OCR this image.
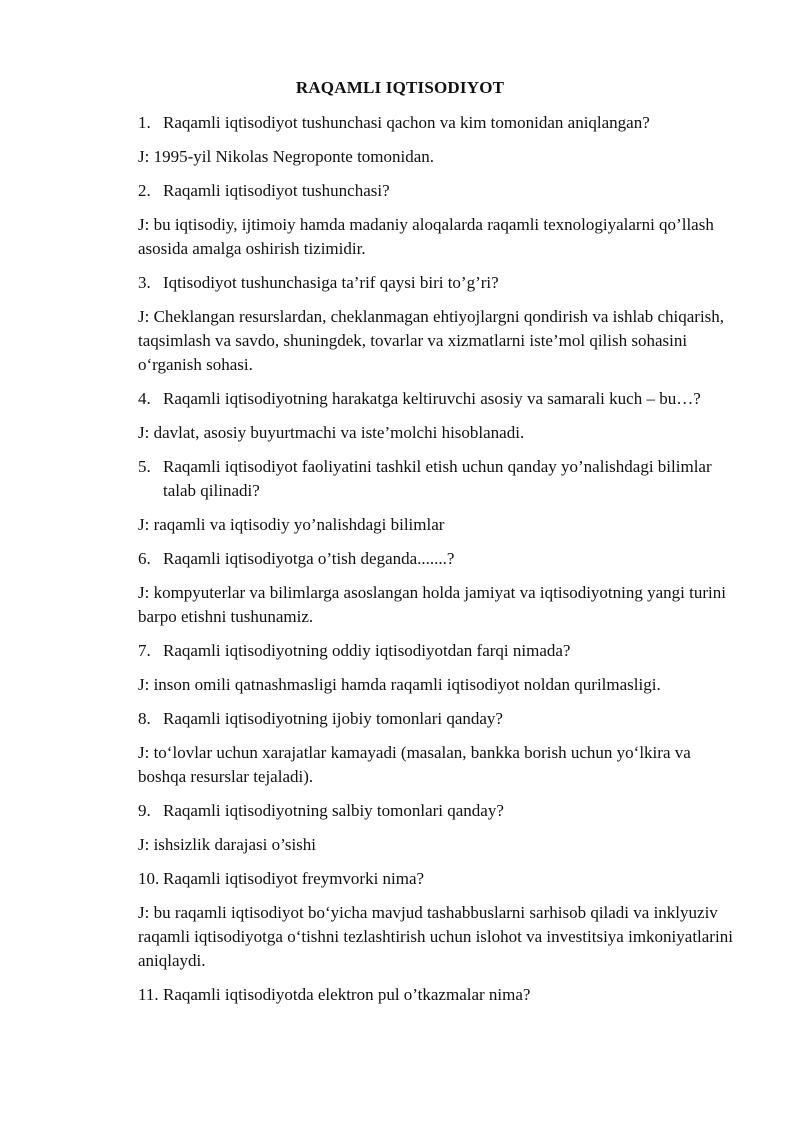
RAQAMLI IQTISODIYOT
1. Raqamli iqtisodiyot tushunchasi qachon va kim tomonidan aniqlangan?
J: 1995-yil Nikolas Negroponte tomonidan.
2. Raqamli iqtisodiyot tushunchasi?
J: bu iqtisodiy, ijtimoiy hamda madaniy aloqalarda raqamli texnologiyalarni qo’llash asosida amalga oshirish tizimidir.
3. Iqtisodiyot tushunchasiga ta’rif qaysi biri to’g’ri?
J: Cheklangan resurslardan, cheklanmagan ehtiyojlargni qondirish va ishlab chiqarish, taqsimlash va savdo, shuningdek, tovarlar va xizmatlarni iste’mol qilish sohasini o‘rganish sohasi.
4. Raqamli iqtisodiyotning harakatga keltiruvchi asosiy va samarali kuch – bu…?
J: davlat, asosiy buyurtmachi va iste’molchi hisoblanadi.
5. Raqamli iqtisodiyot faoliyatini tashkil etish uchun qanday yo’nalishdagi bilimlar talab qilinadi?
J: raqamli va iqtisodiy yo’nalishdagi bilimlar
6. Raqamli iqtisodiyotga o’tish deganda.......?
J: kompyuterlar va bilimlarga asoslangan holda jamiyat va iqtisodiyotning yangi turini barpo etishni tushunamiz.
7. Raqamli iqtisodiyotning oddiy iqtisodiyotdan farqi nimada?
J: inson omili qatnashmasligi hamda raqamli iqtisodiyot noldan qurilmasligi.
8. Raqamli iqtisodiyotning ijobiy tomonlari qanday?
J: to‘lovlar uchun xarajatlar kamayadi (masalan, bankka borish uchun yo‘lkira va boshqa resurslar tejaladi).
9. Raqamli iqtisodiyotning salbiy tomonlari qanday?
J: ishsizlik darajasi o’sishi
10. Raqamli iqtisodiyot freymvorki nima?
J: bu raqamli iqtisodiyot bo‘yicha mavjud tashabbuslarni sarhisob qiladi va inklyuziv raqamli iqtisodiyotga o‘tishni tezlashtirish uchun islohot va investitsiya imkoniyatlarini aniqlaydi.
11. Raqamli iqtisodiyotda elektron pul o’tkazmalar nima?
